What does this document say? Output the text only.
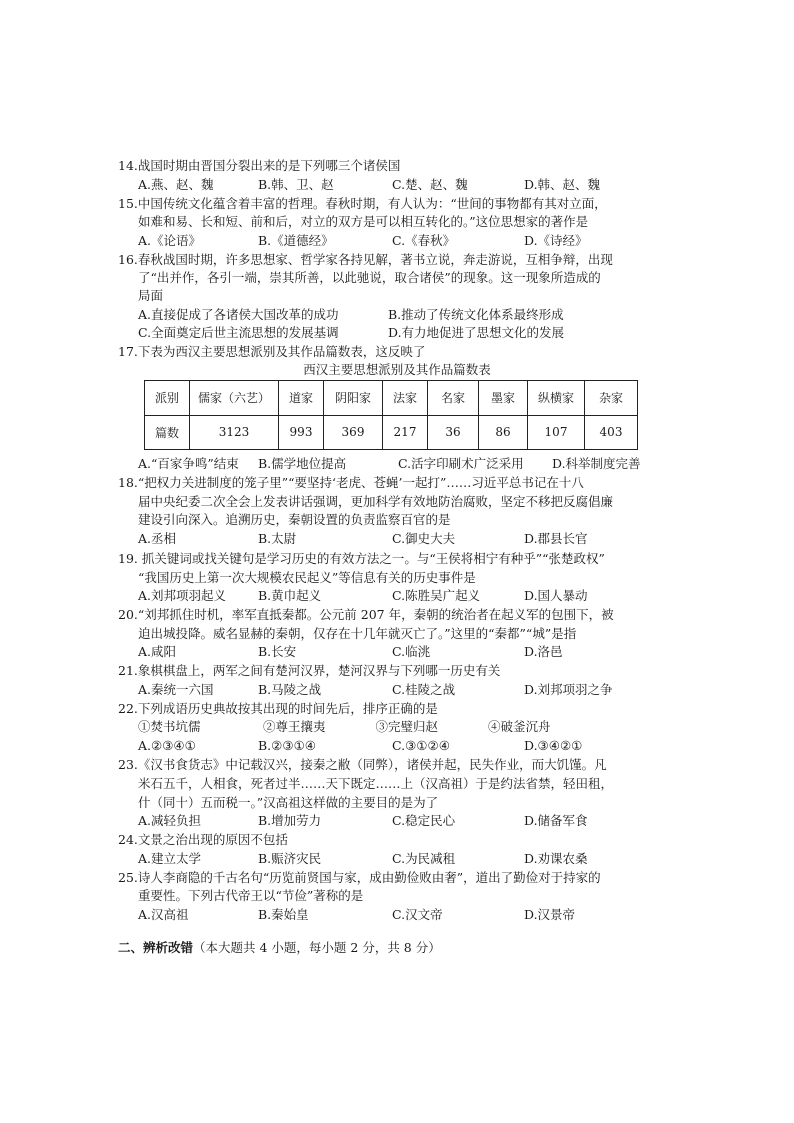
14.战国时期由晋国分裂出来的是下列哪三个诸侯国
A.燕、赵、魏	B.韩、卫、赵	C.楚、赵、魏	D.韩、赵、魏
15.中国传统文化蕴含着丰富的哲理。春秋时期，有人认为：“世间的事物都有其对立面，
如难和易、长和短、前和后，对立的双方是可以相互转化的。”这位思想家的著作是
A.《论语》	B.《道德经》	C.《春秋》	D.《诗经》
16.春秋战国时期，许多思想家、哲学家各持见解，著书立说，奔走游说，互相争辩，出现
了“出并作，各引一端，崇其所善，以此驰说，取合诸侯”的现象。这一现象所造成的
局面
A.直接促成了各诸侯大国改革的成功	B.推动了传统文化体系最终形成
C.全面奠定后世主流思想的发展基调	D.有力地促进了思想文化的发展
17.下表为西汉主要思想派别及其作品篇数表，这反映了
西汉主要思想派别及其作品篇数表
派别	儒家（六艺）	道家	阴阳家	法家	名家	墨家	纵横家	杂家
篇数	3123	993	369	217	36	86	107	403
A.“百家争鸣”结束 B.儒学地位提高	C.活字印刷术广泛采用 D.科举制度完善
18.“把权力关进制度的笼子里”“要坚持‘老虎、苍蝇’一起打”……习近平总书记在十八
届中央纪委二次全会上发表讲话强调，更加科学有效地防治腐败，坚定不移把反腐倡廉
建设引向深入。追溯历史，秦朝设置的负责监察百官的是
A.丞相	B.太尉	C.御史大夫	D.郡县长官
19. 抓关键词或找关键句是学习历史的有效方法之一。与“王侯将相宁有种乎”“张楚政权”
“我国历史上第一次大规模农民起义”等信息有关的历史事件是
A.刘邦项羽起义	B.黄巾起义	C.陈胜吴广起义	D.国人暴动
20.“刘邦抓住时机，率军直抵秦都。公元前 207 年，秦朝的统治者在起义军的包围下，被
迫出城投降。威名显赫的秦朝，仅存在十几年就灭亡了。”这里的“秦都”“城”是指
A.咸阳	B.长安	C.临洮	D.洛邑
21.象棋棋盘上，两军之间有楚河汉界，楚河汉界与下列哪一历史有关
A.秦统一六国	B.马陵之战	C.桂陵之战	D.刘邦项羽之争
22.下列成语历史典故按其出现的时间先后，排序正确的是
①焚书坑儒　　　　　②尊王攘夷　　　　③完璧归赵　　　　④破釜沉舟
A.②③④①	B.②③①④	C.③①②④	D.③④②①
23.《汉书食货志》中记载汉兴，接秦之敝（同弊），诸侯并起，民失作业，而大饥馑。凡
米石五千，人相食，死者过半……天下既定……上（汉高祖）于是约法省禁，轻田租，
什（同十）五而税一。”汉高祖这样做的主要目的是为了
A.减轻负担	B.增加劳力	C.稳定民心	D.储备军食
24.文景之治出现的原因不包括
A.建立太学	B.赈济灾民	C.为民减租	D.劝课农桑
25.诗人李商隐的千古名句“历览前贤国与家，成由勤俭败由奢”，道出了勤俭对于持家的
重要性。下列古代帝王以“节俭”著称的是
A.汉高祖	B.秦始皇	C.汉文帝	D.汉景帝
二、辨析改错（本大题共 4 小题，每小题 2 分，共 8 分）
